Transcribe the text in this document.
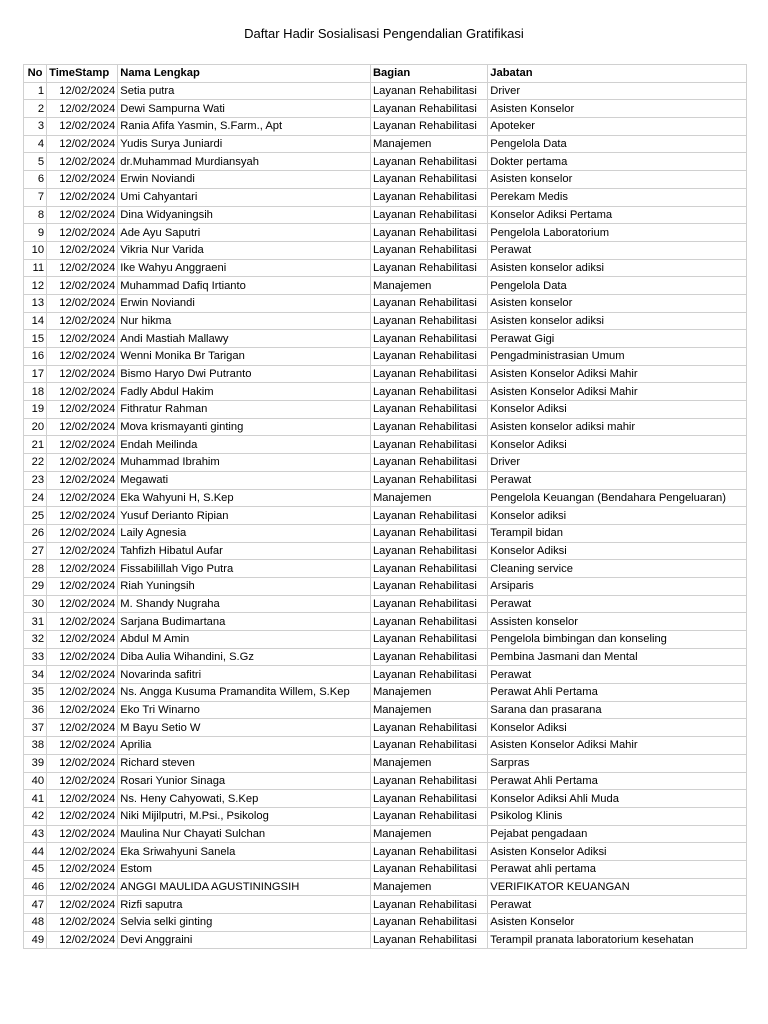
Daftar Hadir Sosialisasi Pengendalian Gratifikasi
No	TimeStamp	Nama Lengkap	Bagian	Jabatan
1	12/02/2024	Setia putra	Layanan Rehabilitasi	Driver
2	12/02/2024	Dewi Sampurna Wati	Layanan Rehabilitasi	Asisten Konselor
3	12/02/2024	Rania Afifa Yasmin, S.Farm., Apt	Layanan Rehabilitasi	Apoteker
4	12/02/2024	Yudis Surya Juniardi	Manajemen	Pengelola Data
5	12/02/2024	dr.Muhammad Murdiansyah	Layanan Rehabilitasi	Dokter pertama
6	12/02/2024	Erwin Noviandi	Layanan Rehabilitasi	Asisten konselor
7	12/02/2024	Umi Cahyantari	Layanan Rehabilitasi	Perekam Medis
8	12/02/2024	Dina Widyaningsih	Layanan Rehabilitasi	Konselor Adiksi Pertama
9	12/02/2024	Ade Ayu Saputri	Layanan Rehabilitasi	Pengelola Laboratorium
10	12/02/2024	Vikria Nur Varida	Layanan Rehabilitasi	Perawat
11	12/02/2024	Ike Wahyu Anggraeni	Layanan Rehabilitasi	Asisten konselor adiksi
12	12/02/2024	Muhammad Dafiq Irtianto	Manajemen	Pengelola Data
13	12/02/2024	Erwin Noviandi	Layanan Rehabilitasi	Asisten konselor
14	12/02/2024	Nur hikma	Layanan Rehabilitasi	Asisten konselor adiksi
15	12/02/2024	Andi Mastiah Mallawy	Layanan Rehabilitasi	Perawat Gigi
16	12/02/2024	Wenni Monika Br Tarigan	Layanan Rehabilitasi	Pengadministrasian Umum
17	12/02/2024	Bismo Haryo Dwi Putranto	Layanan Rehabilitasi	Asisten Konselor Adiksi Mahir
18	12/02/2024	Fadly Abdul Hakim	Layanan Rehabilitasi	Asisten Konselor Adiksi Mahir
19	12/02/2024	Fithratur Rahman	Layanan Rehabilitasi	Konselor Adiksi
20	12/02/2024	Mova krismayanti ginting	Layanan Rehabilitasi	Asisten konselor adiksi mahir
21	12/02/2024	Endah Meilinda	Layanan Rehabilitasi	Konselor Adiksi
22	12/02/2024	Muhammad Ibrahim	Layanan Rehabilitasi	Driver
23	12/02/2024	Megawati	Layanan Rehabilitasi	Perawat
24	12/02/2024	Eka Wahyuni H, S.Kep	Manajemen	Pengelola Keuangan (Bendahara Pengeluaran)
25	12/02/2024	Yusuf Derianto Ripian	Layanan Rehabilitasi	Konselor adiksi
26	12/02/2024	Laily Agnesia	Layanan Rehabilitasi	Terampil bidan
27	12/02/2024	Tahfizh Hibatul Aufar	Layanan Rehabilitasi	Konselor Adiksi
28	12/02/2024	Fissabilillah Vigo Putra	Layanan Rehabilitasi	Cleaning service
29	12/02/2024	Riah Yuningsih	Layanan Rehabilitasi	Arsiparis
30	12/02/2024	M. Shandy Nugraha	Layanan Rehabilitasi	Perawat
31	12/02/2024	Sarjana Budimartana	Layanan Rehabilitasi	Assisten konselor
32	12/02/2024	Abdul M Amin	Layanan Rehabilitasi	Pengelola bimbingan dan konseling
33	12/02/2024	Diba Aulia Wihandini, S.Gz	Layanan Rehabilitasi	Pembina Jasmani dan Mental
34	12/02/2024	Novarinda safitri	Layanan Rehabilitasi	Perawat
35	12/02/2024	Ns. Angga Kusuma Pramandita Willem, S.Kep	Manajemen	Perawat Ahli Pertama
36	12/02/2024	Eko Tri Winarno	Manajemen	Sarana dan prasarana
37	12/02/2024	M Bayu Setio W	Layanan Rehabilitasi	Konselor Adiksi
38	12/02/2024	Aprilia	Layanan Rehabilitasi	Asisten Konselor Adiksi Mahir
39	12/02/2024	Richard steven	Manajemen	Sarpras
40	12/02/2024	Rosari Yunior Sinaga	Layanan Rehabilitasi	Perawat Ahli Pertama
41	12/02/2024	Ns. Heny Cahyowati, S.Kep	Layanan Rehabilitasi	Konselor Adiksi Ahli Muda
42	12/02/2024	Niki Mijilputri, M.Psi., Psikolog	Layanan Rehabilitasi	Psikolog Klinis
43	12/02/2024	Maulina Nur Chayati Sulchan	Manajemen	Pejabat pengadaan
44	12/02/2024	Eka Sriwahyuni Sanela	Layanan Rehabilitasi	Asisten Konselor Adiksi
45	12/02/2024	Estom	Layanan Rehabilitasi	Perawat ahli pertama
46	12/02/2024	ANGGI MAULIDA AGUSTININGSIH	Manajemen	VERIFIKATOR KEUANGAN
47	12/02/2024	Rizfi saputra	Layanan Rehabilitasi	Perawat
48	12/02/2024	Selvia selki ginting	Layanan Rehabilitasi	Asisten Konselor
49	12/02/2024	Devi Anggraini	Layanan Rehabilitasi	Terampil pranata laboratorium kesehatan
